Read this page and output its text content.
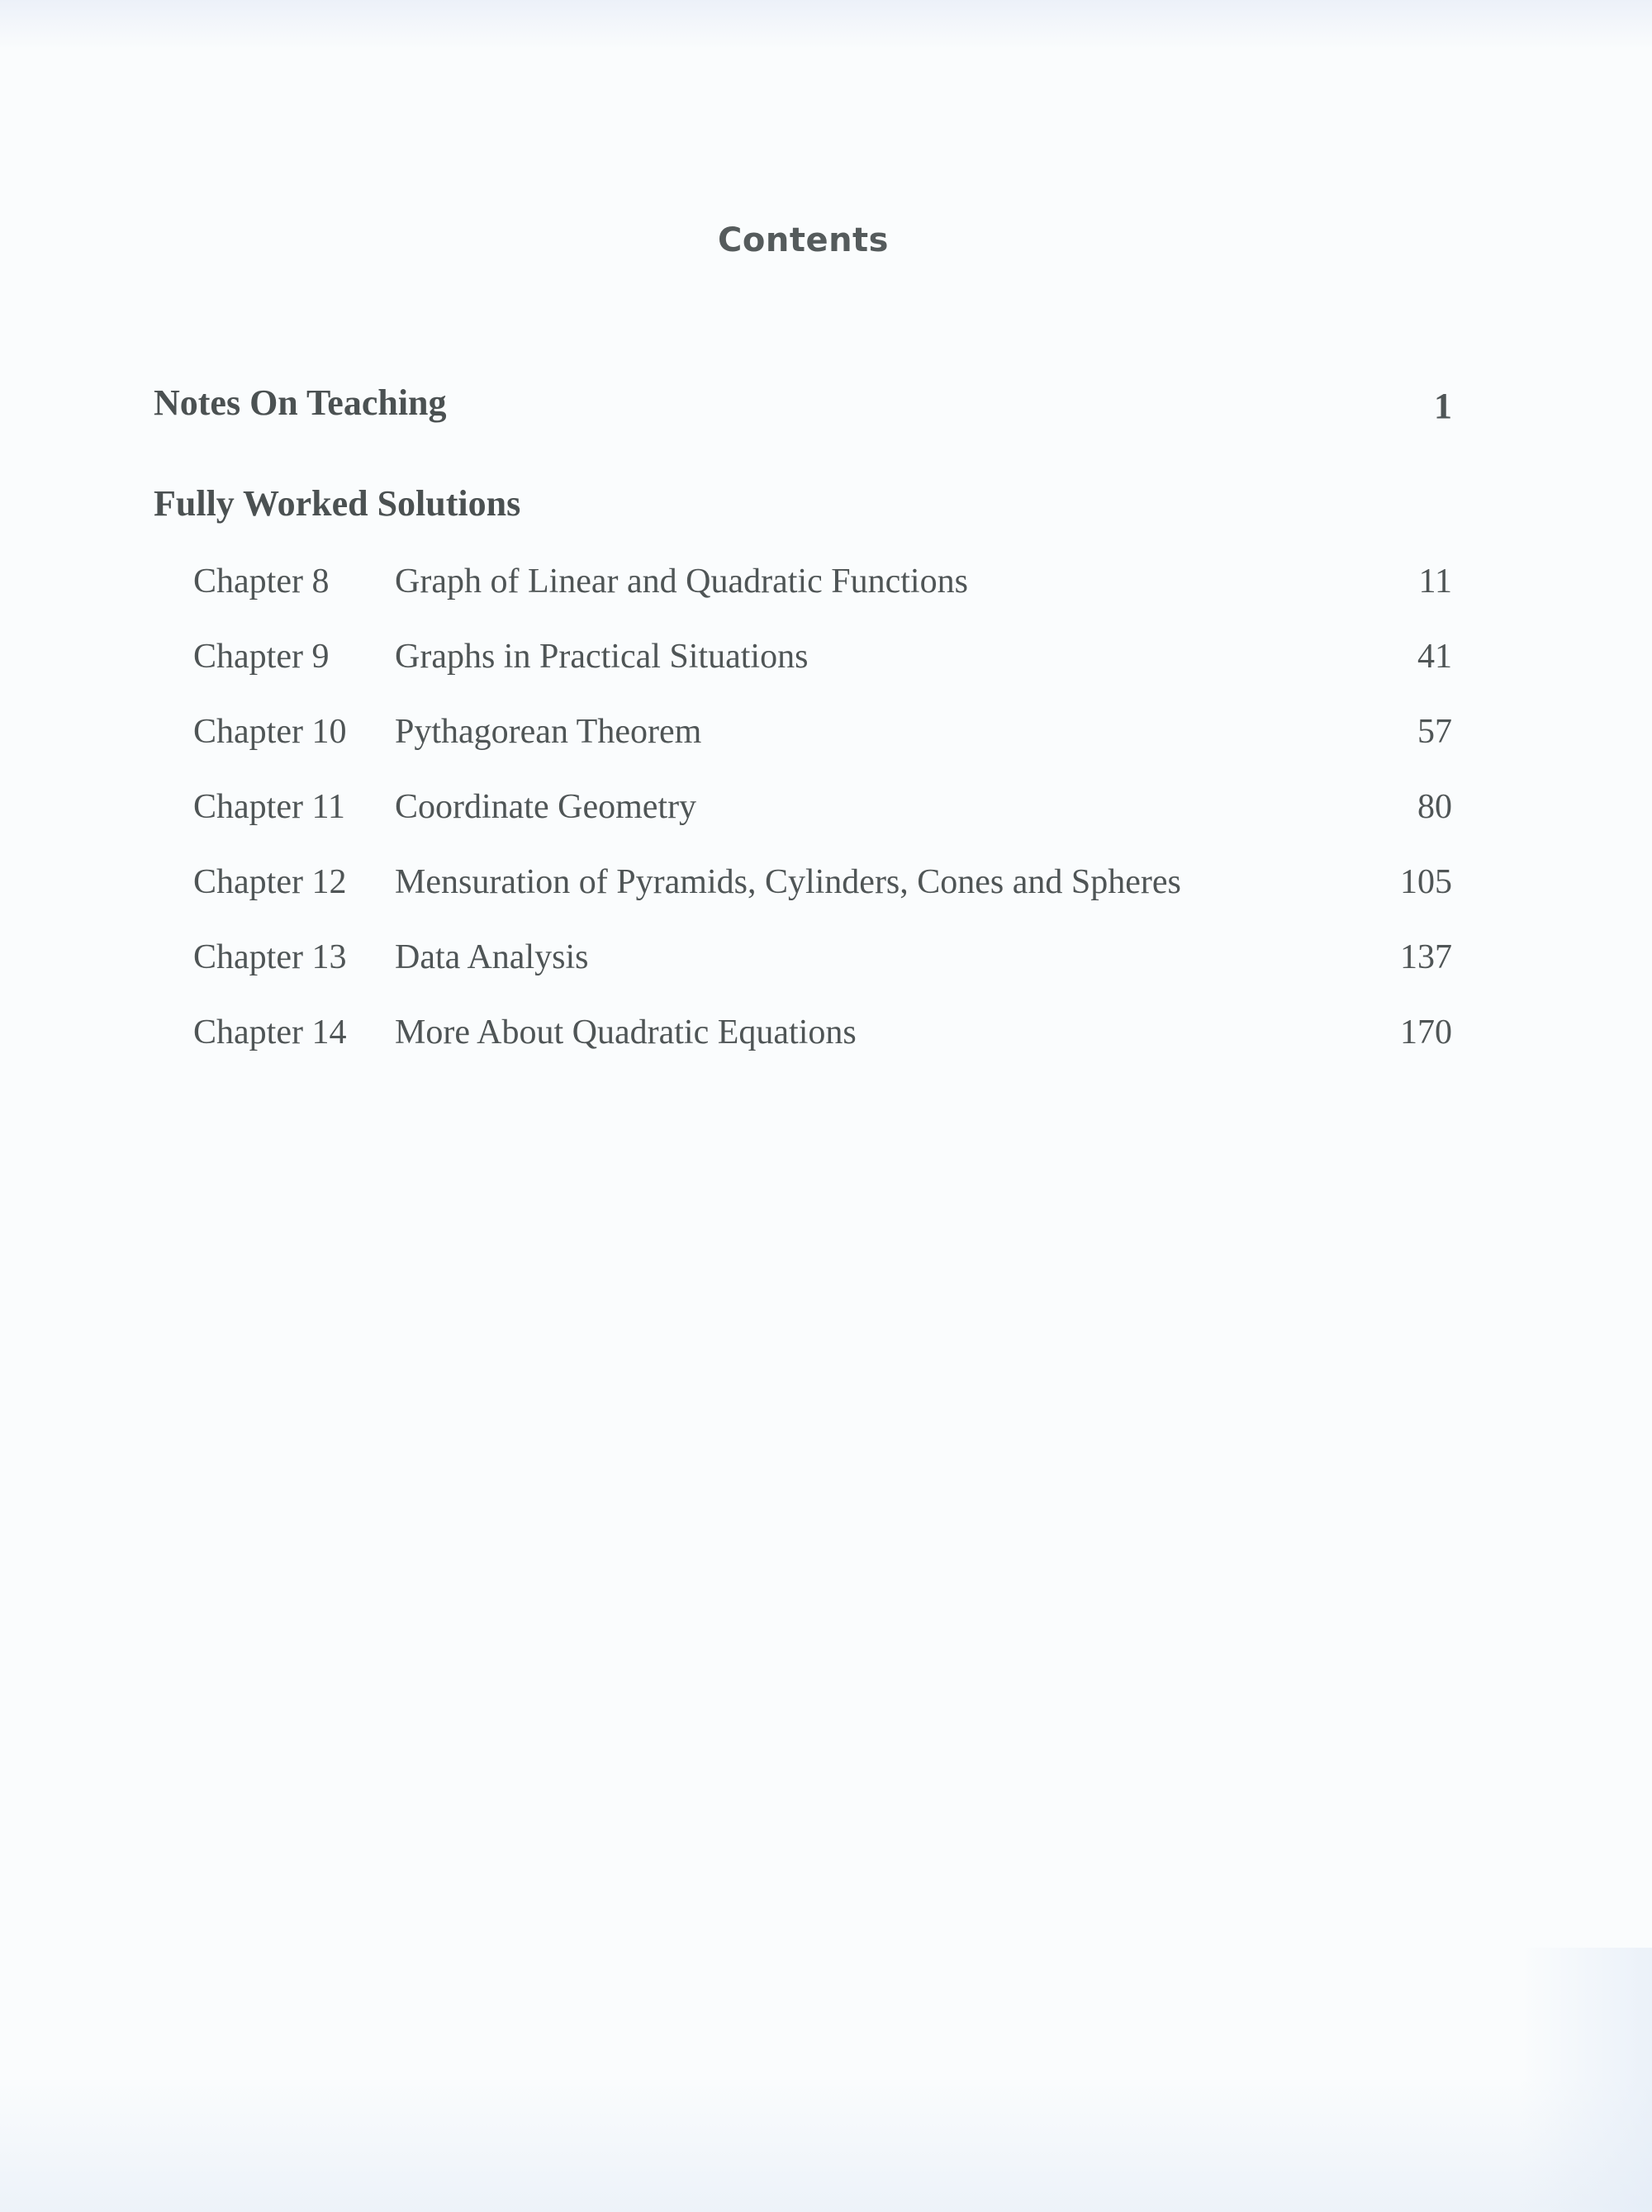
Contents
Notes On Teaching	1
Fully Worked Solutions
Chapter 8 Graph of Linear and Quadratic Functions	11
Chapter 9 Graphs in Practical Situations	41
Chapter 10 Pythagorean Theorem	57
Chapter 11 Coordinate Geometry	80
Chapter 12 Mensuration of Pyramids, Cylinders, Cones and Spheres	105
Chapter 13 Data Analysis	137
Chapter 14 More About Quadratic Equations	170
